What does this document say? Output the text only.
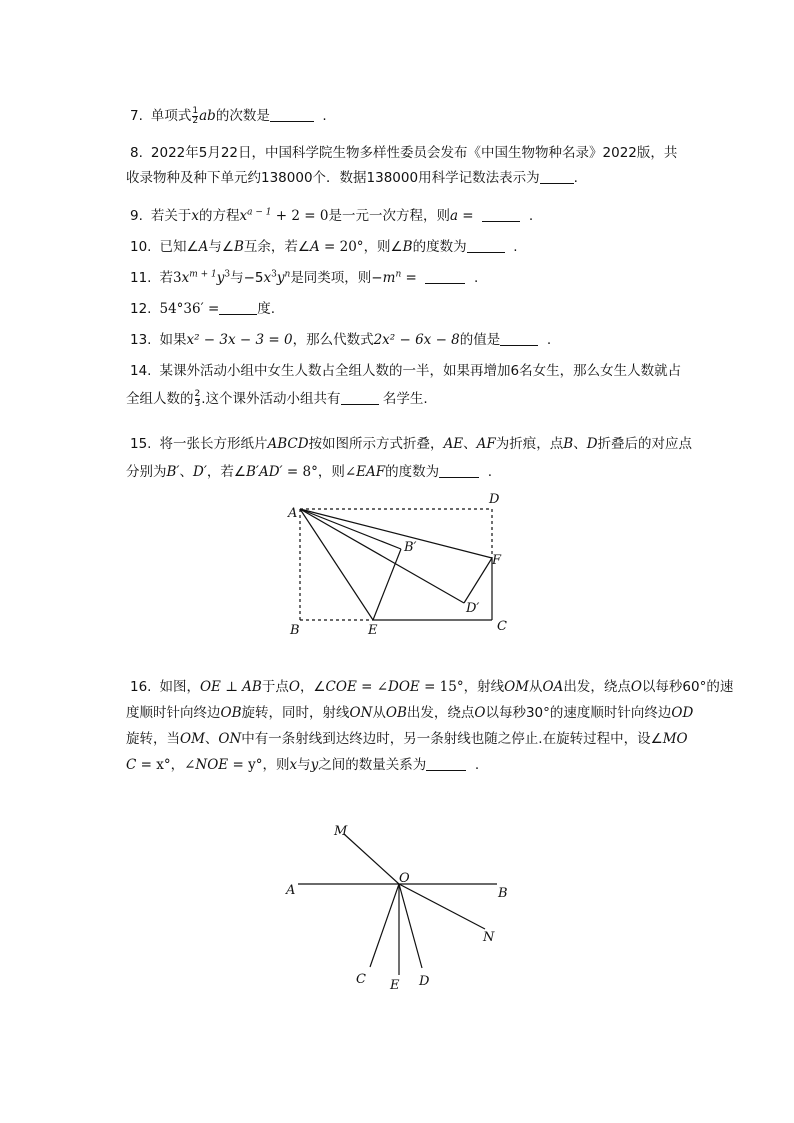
7. 单项式 $\frac{1}{2}$ ab的次数是	.
8. 2022年5月22日，中国科学院生物多样性委员会发布《中国生物物种名录》2022版，共
收录物种及种下单元约138000个．数据138000用科学记数法表示为	.
9. 若关于x的方程$x^{a - 1} + 2 = 0$是一元一次方程，则a =	.
10. 已知∠A与∠B互余，若∠A = 20°，则∠B的度数为	.
11. 若$3x^{m + 1}y^3$与$-5x^3y^n$是同类项，则$-m^n$ =	.
12. 54°36′ =	度.
13. 如果x² − 3x − 3 = 0，那么代数式2x² − 6x − 8的值是	.
14. 某课外活动小组中女生人数占全组人数的一半，如果再增加6名女生，那么女生人数就占
全组人数的 $\frac{2}{3}$ .这个课外活动小组共有	名学生.
15. 将一张长方形纸片ABCD按如图所示方式折叠，AE、AF为折痕，点B、D折叠后的对应点
分别为B′、D′，若∠B′AD′ = 8°，则∠EAF的度数为	.
A
B	C
D
E
F
B′
D′
16. 如图，OE ⊥ AB于点O，∠COE = ∠DOE = 15°，射线OM从OA出发，绕点O以每秒60°的速
度顺时针向终边OB旋转，同时，射线ON从OB出发，绕点O以每秒30°的速度顺时针向终边OD
旋转，当OM、ON中有一条射线到达终边时，另一条射线也随之停止.在旋转过程中，设∠MO
C = x°，∠NOE = y°，则x与y之间的数量关系为	.
M
A
O
B
N
C E D
